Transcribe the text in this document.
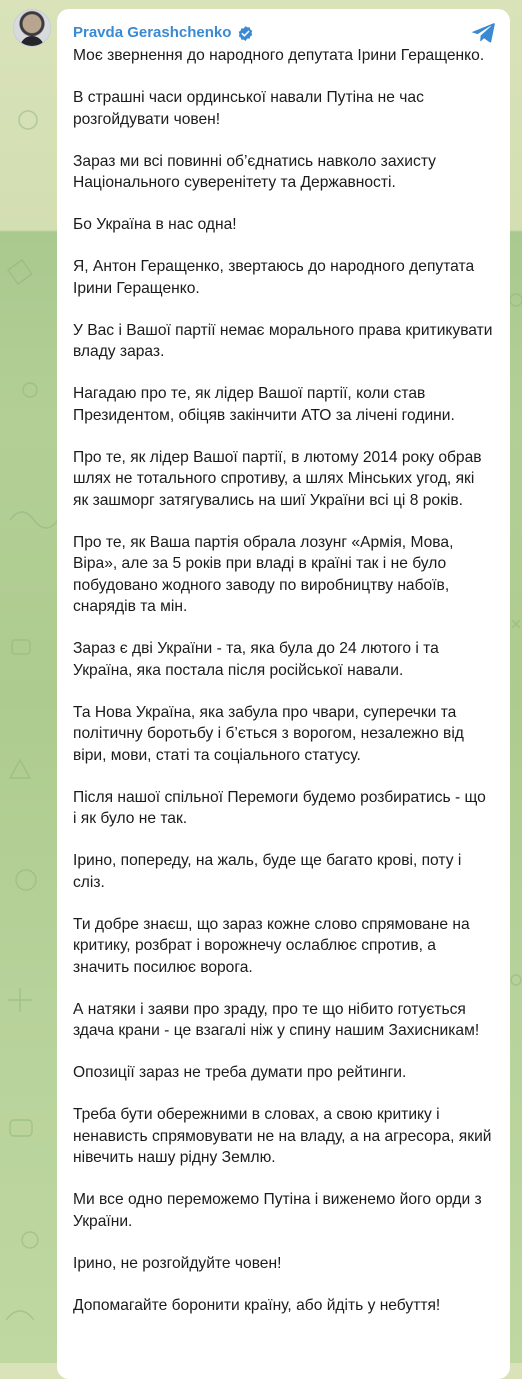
Pravda Gerashchenko

Моє звернення до народного депутата Ірини Геращенко.

В страшні часи ординської навали Путіна не час розгойдувати човен!

Зараз ми всі повинні об’єднатись навколо захисту Національного суверенітету та Державності.

Бо Україна в нас одна!

Я, Антон Геращенко, звертаюсь до народного депутата Ірини Геращенко.

У Вас і Вашої партії немає морального права критикувати владу зараз.

Нагадаю про те, як лідер Вашої партії, коли став Президентом, обіцяв закінчити АТО за лічені години.

Про те, як лідер Вашої партії, в лютому 2014 року обрав шлях не тотального спротиву, а шлях Мінських угод, які як зашморг затягувались на шиї України всі ці 8 років.

Про те, як Ваша партія обрала лозунг «Армія, Мова, Віра», але за 5 років при владі в країні так і не було побудовано жодного заводу по виробництву набоїв, снарядів та мін.

Зараз є дві України - та, яка була до 24 лютого і та Україна, яка постала після російської навали.

Та Нова Україна, яка забула про чвари, суперечки та політичну боротьбу і б’ється з ворогом, незалежно від віри, мови, статі та соціального статусу.

Після нашої спільної Перемоги будемо розбиратись - що і як було не так.

Ірино, попереду, на жаль, буде ще багато крові, поту і сліз.

Ти добре знаєш, що зараз кожне слово спрямоване на критику, розбрат і ворожнечу ослаблює спротив, а значить посилює ворога.

А натяки і заяви про зраду, про те що нібито готується здача крани - це взагалі ніж у спину нашим Захисникам!

Опозиції зараз не треба думати про рейтинги.

Треба бути обережними в словах, а свою критику і ненависть спрямовувати не на владу, а на агресора, який нівечить нашу рідну Землю.

Ми все одно переможемо Путіна і виженемо його орди з України.

Ірино, не розгойдуйте човен!

Допомагайте боронити країну, або йдіть у небуття!
